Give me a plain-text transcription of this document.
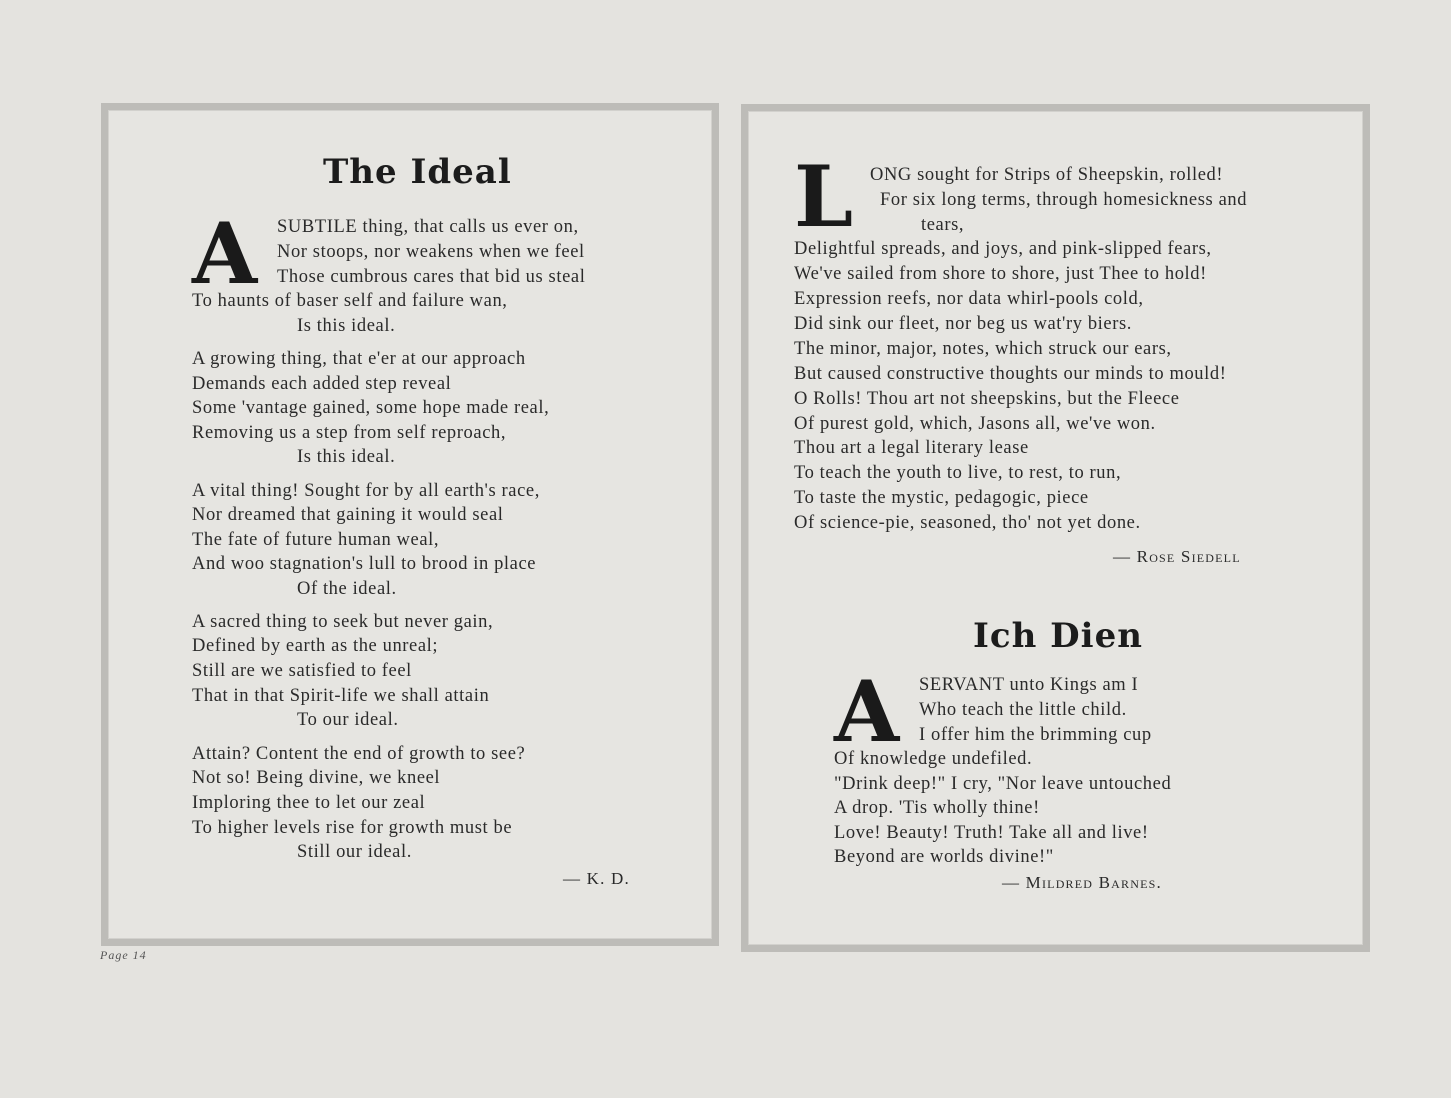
The Ideal
A SUBTILE thing, that calls us ever on,
Nor stoops, nor weakens when we feel
Those cumbrous cares that bid us steal
To haunts of baser self and failure wan,
Is this ideal.
A growing thing, that e'er at our approach
Demands each added step reveal
Some 'vantage gained, some hope made real,
Removing us a step from self reproach,
Is this ideal.
A vital thing! Sought for by all earth's race,
Nor dreamed that gaining it would seal
The fate of future human weal,
And woo stagnation's lull to brood in place
Of the ideal.
A sacred thing to seek but never gain,
Defined by earth as the unreal;
Still are we satisfied to feel
That in that Spirit-life we shall attain
To our ideal.
Attain? Content the end of growth to see?
Not so! Being divine, we kneel
Imploring thee to let our zeal
To higher levels rise for growth must be
Still our ideal.
— K. D.
L ONG sought for Strips of Sheepskin, rolled!
For six long terms, through homesickness and
tears,
Delightful spreads, and joys, and pink-slipped fears,
We've sailed from shore to shore, just Thee to hold!
Expression reefs, nor data whirl-pools cold,
Did sink our fleet, nor beg us wat'ry biers.
The minor, major, notes, which struck our ears,
But caused constructive thoughts our minds to mould!
O Rolls! Thou art not sheepskins, but the Fleece
Of purest gold, which, Jasons all, we've won.
Thou art a legal literary lease
To teach the youth to live, to rest, to run,
To taste the mystic, pedagogic, piece
Of science-pie, seasoned, tho' not yet done.
— Rose Siedell
Ich Dien
A SERVANT unto Kings am I
Who teach the little child.
I offer him the brimming cup
Of knowledge undefiled.
"Drink deep!" I cry, "Nor leave untouched
A drop. 'Tis wholly thine!
Love! Beauty! Truth! Take all and live!
Beyond are worlds divine!"
— Mildred Barnes.
Page 14
